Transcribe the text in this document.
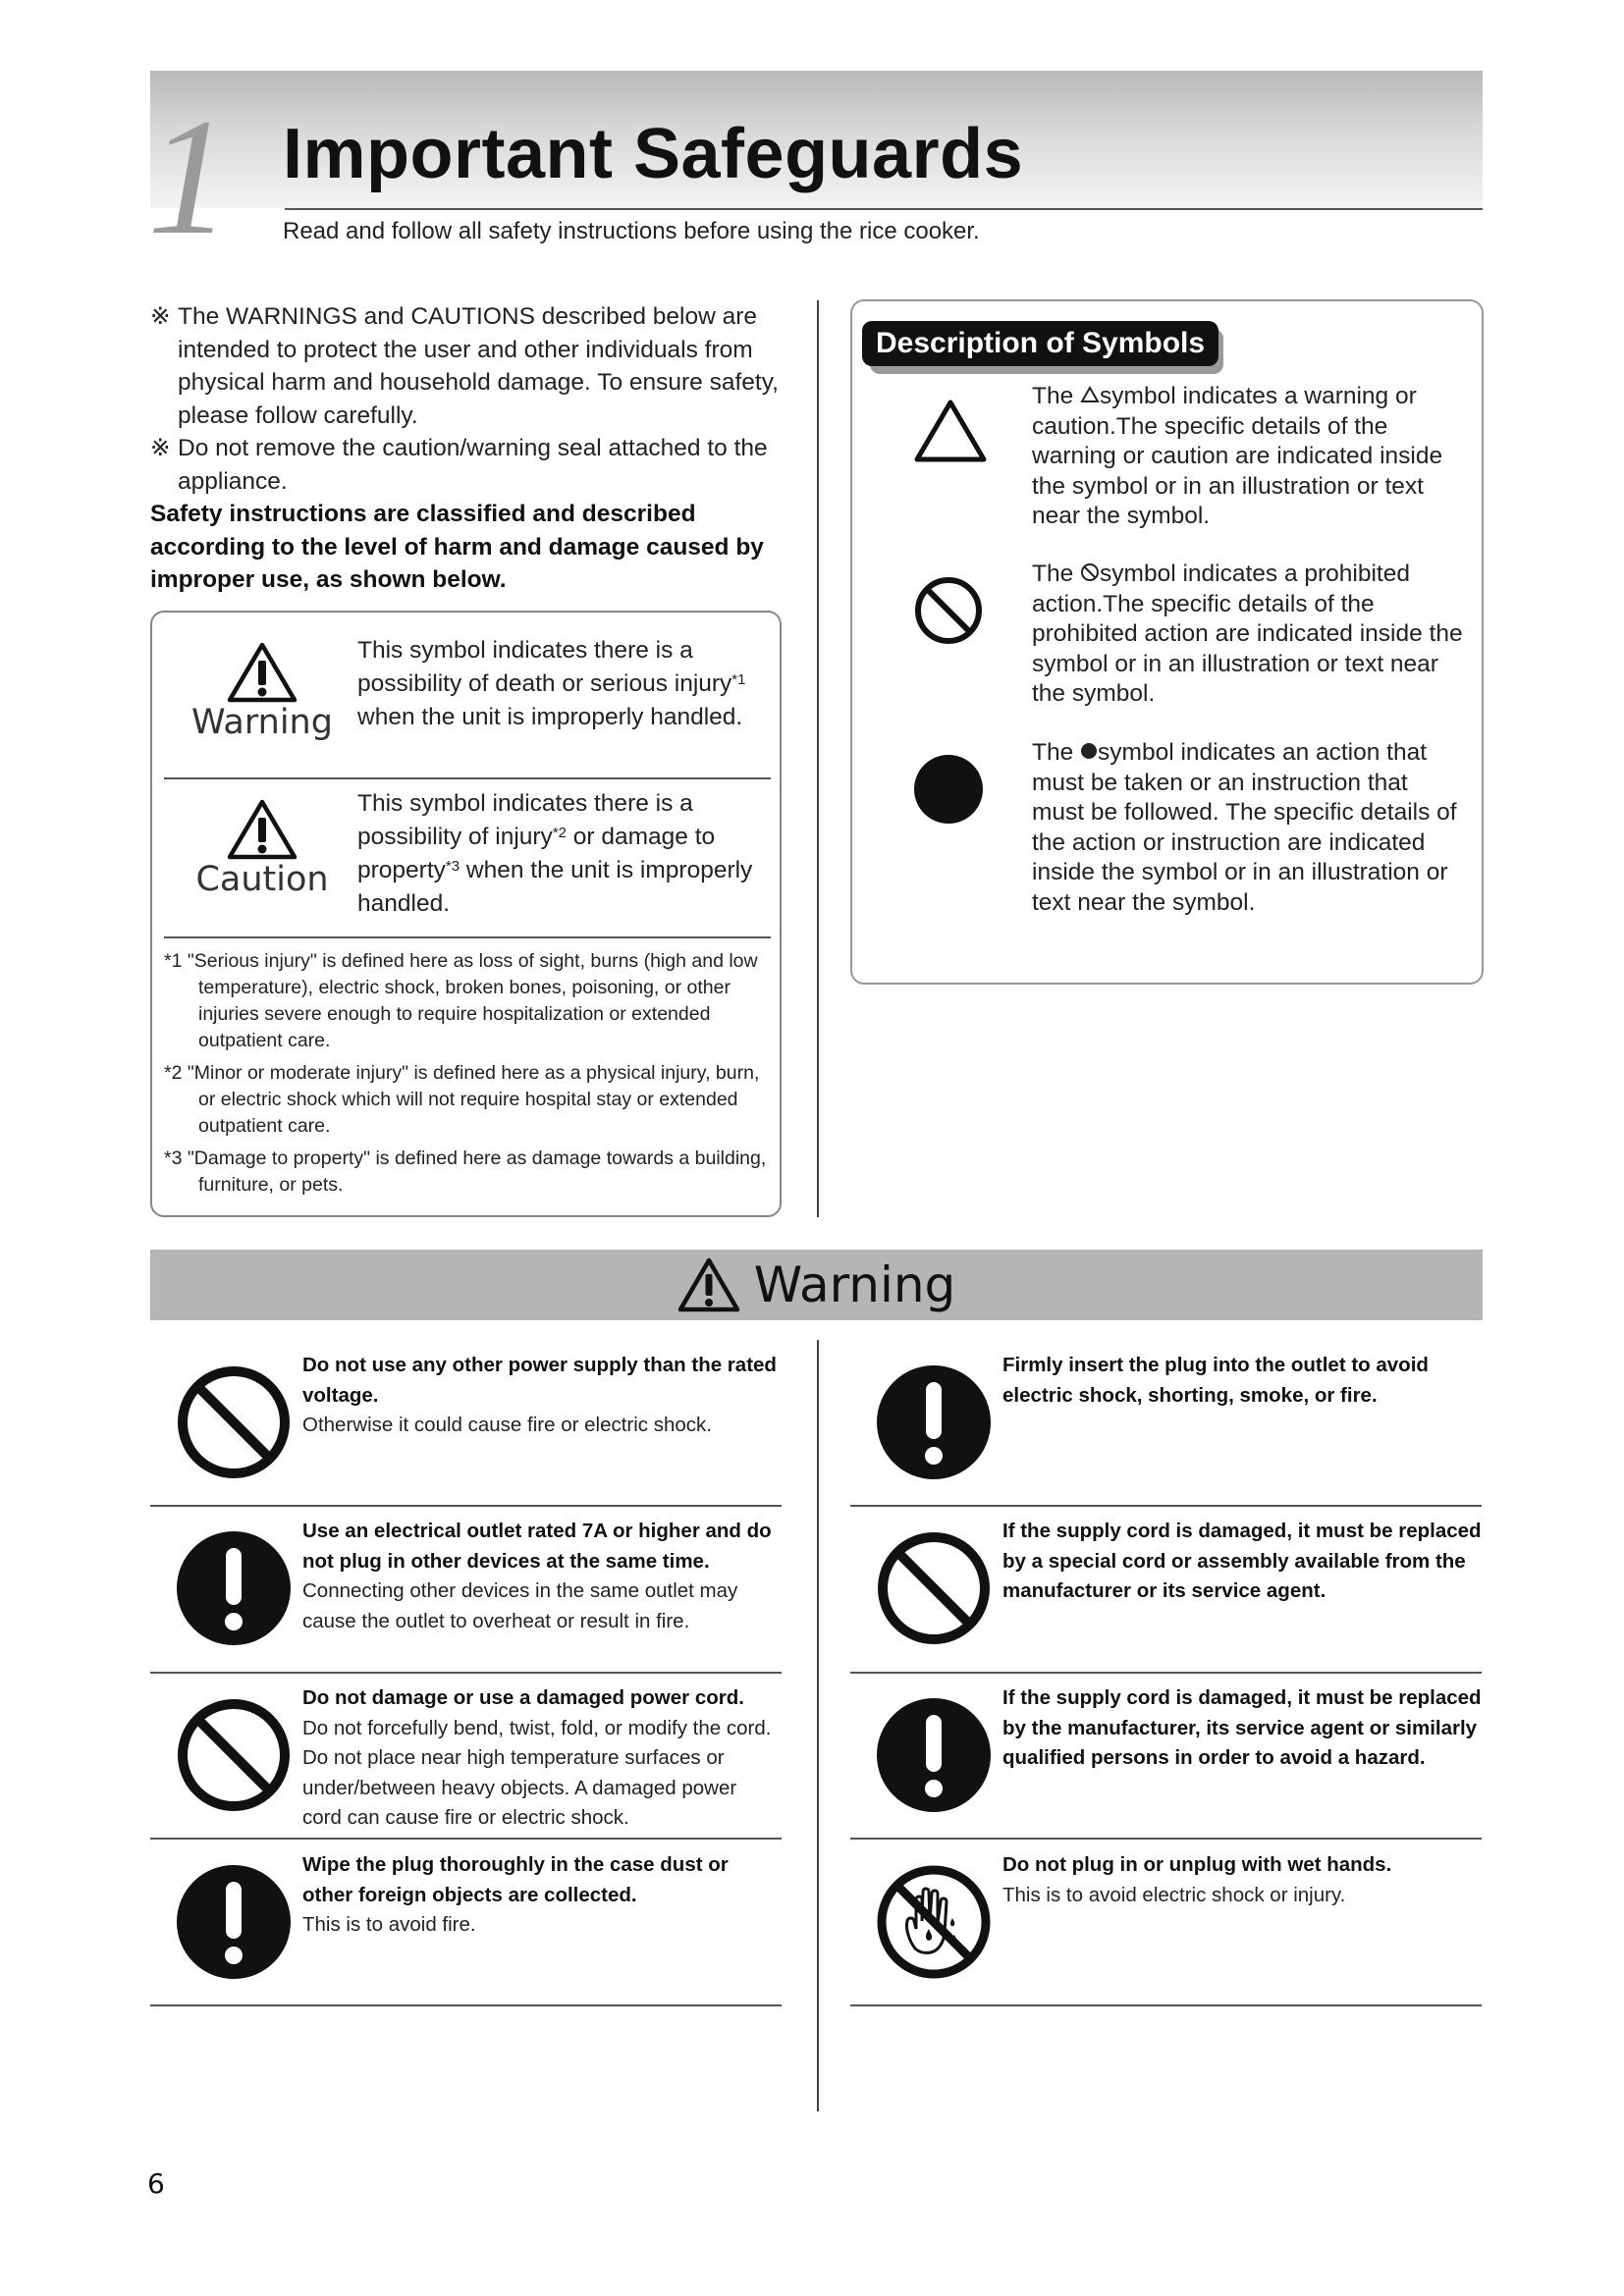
1 Important Safeguards
Read and follow all safety instructions before using the rice cooker.

※ The WARNINGS and CAUTIONS described below are intended to protect the user and other individuals from physical harm and household damage. To ensure safety, please follow carefully.

※ Do not remove the caution/warning seal attached to the appliance.

Safety instructions are classified and described according to the level of harm and damage caused by improper use, as shown below.

Warning
This symbol indicates there is a possibility of death or serious injury$^{*1}$ when the unit is improperly handled.
Caution
This symbol indicates there is a possibility of injury$^{*2}$ or damage to property$^{*3}$ when the unit is improperly handled.

*1 "Serious injury" is defined here as loss of sight, burns (high and low temperature), electric shock, broken bones, poisoning, or other injuries severe enough to require hospitalization or extended outpatient care.

*2 "Minor or moderate injury" is defined here as a physical injury, burn, or electric shock which will not require hospital stay or extended outpatient care.

*3 "Damage to property" is defined here as damage towards a building, furniture, or pets.

Description of Symbols
The symbol indicates a warning or caution.The specific details of the warning or caution are indicated inside the symbol or in an illustration or text near the symbol.
The symbol indicates a prohibited action.The specific details of the prohibited action are indicated inside the symbol or in an illustration or text near the symbol.
The symbol indicates an action that must be taken or an instruction that must be followed. The specific details of the action or instruction are indicated inside the symbol or in an illustration or text near the symbol.
Warning
Do not use any other power supply than the rated voltage.
Otherwise it could cause fire or electric shock.
Use an electrical outlet rated 7A or higher and do not plug in other devices at the same time.
Connecting other devices in the same outlet may cause the outlet to overheat or result in fire.
Do not damage or use a damaged power cord.
Do not forcefully bend, twist, fold, or modify the cord. Do not place near high temperature surfaces or under/between heavy objects. A damaged power cord can cause fire or electric shock.
Wipe the plug thoroughly in the case dust or other foreign objects are collected.
This is to avoid fire.
Firmly insert the plug into the outlet to avoid electric shock, shorting, smoke, or fire.
If the supply cord is damaged, it must be replaced by a special cord or assembly available from the manufacturer or its service agent.
If the supply cord is damaged, it must be replaced by the manufacturer, its service agent or similarly qualified persons in order to avoid a hazard.
Do not plug in or unplug with wet hands.
This is to avoid electric shock or injury.
6
